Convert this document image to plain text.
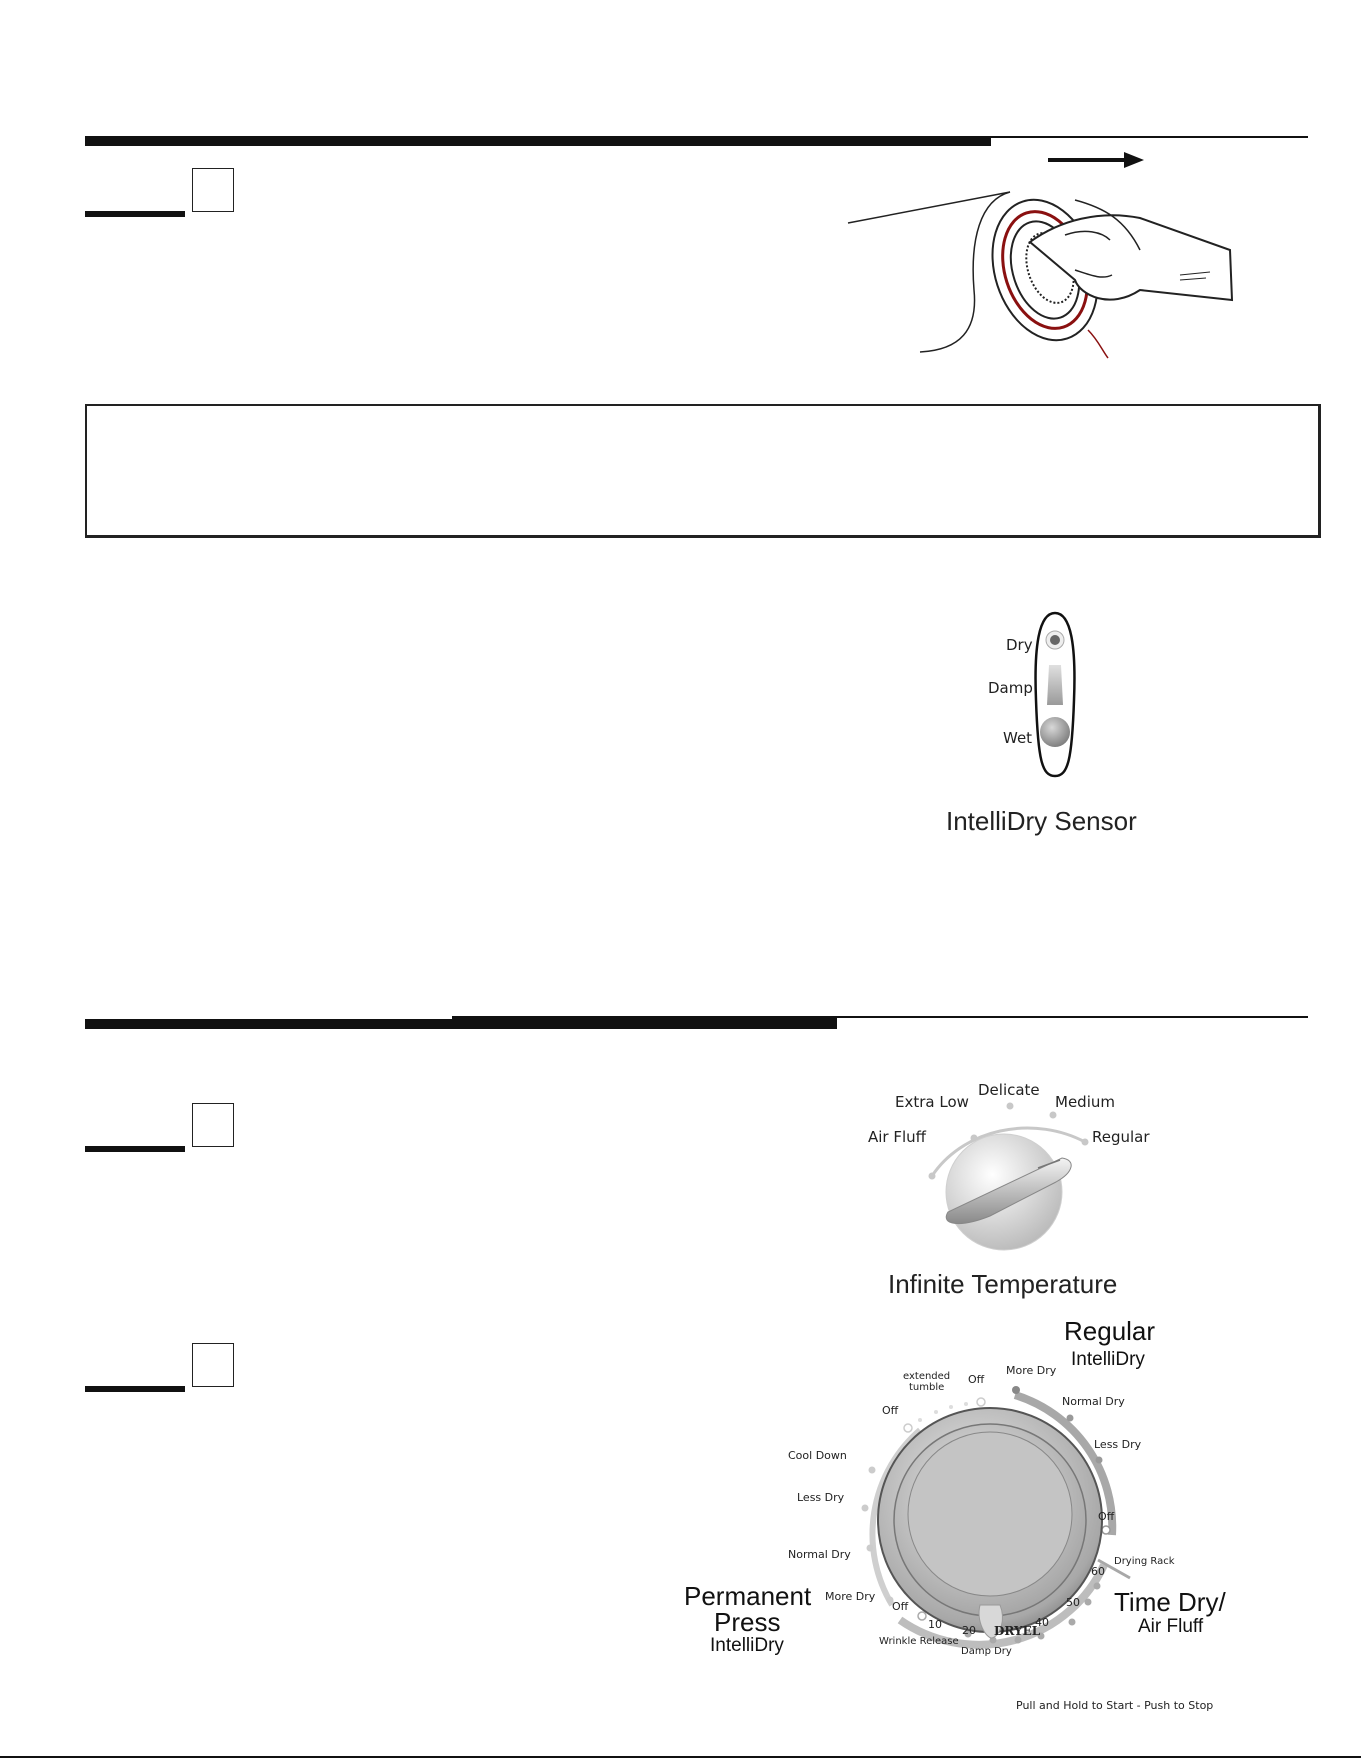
Dry
Damp
Wet
IntelliDry Sensor
Air Fluff
Extra Low
Delicate
Medium
Regular
Infinite Temperature
Regular
IntelliDry
More Dry
Normal Dry
Less Dry
Off
Time Dry/
Air Fluff
Drying Rack
60
50
40
DRYEL
20
10
Off
Damp Dry
Wrinkle Release
Permanent
Press
IntelliDry
More Dry
Normal Dry
Less Dry
Cool Down
Off
extended
tumble
Off
Pull and Hold to Start - Push to Stop
